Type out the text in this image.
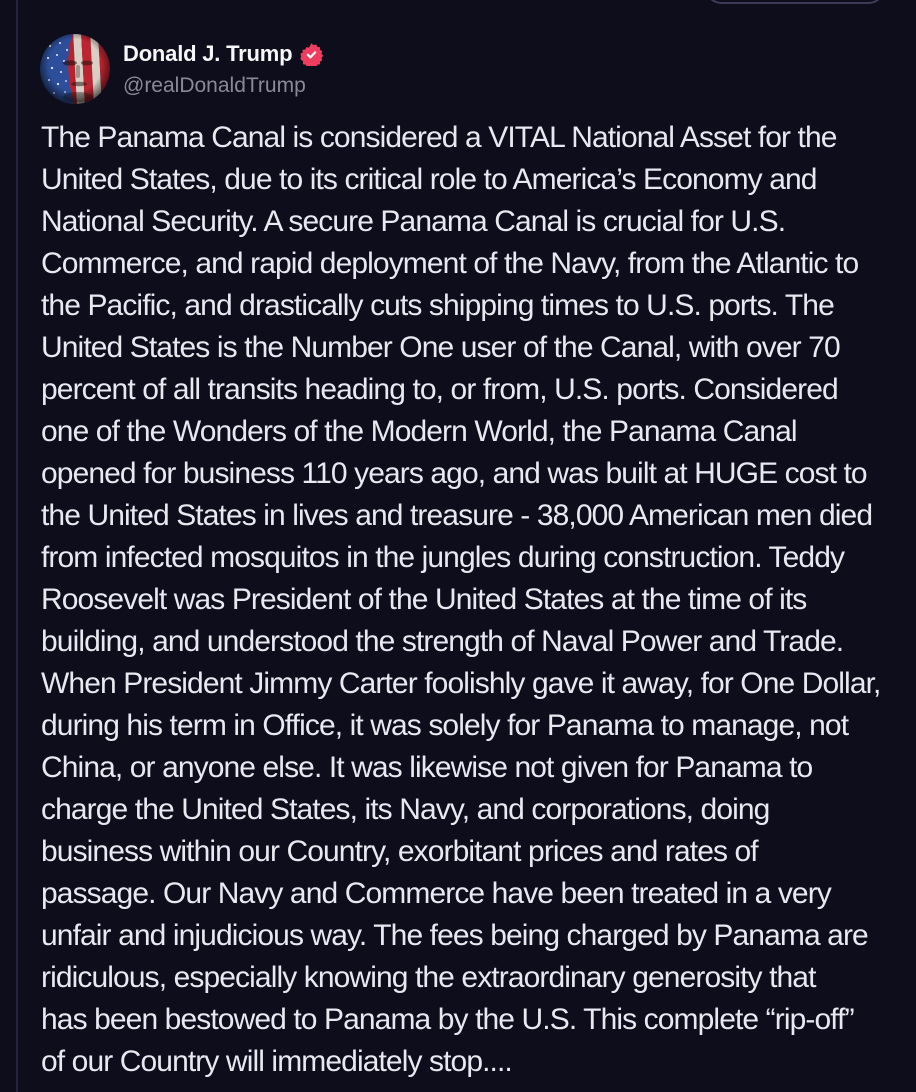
Donald J. Trump
@realDonaldTrump
The Panama Canal is considered a VITAL National Asset for the
United States, due to its critical role to America’s Economy and
National Security. A secure Panama Canal is crucial for U.S.
Commerce, and rapid deployment of the Navy, from the Atlantic to
the Pacific, and drastically cuts shipping times to U.S. ports. The
United States is the Number One user of the Canal, with over 70
percent of all transits heading to, or from, U.S. ports. Considered
one of the Wonders of the Modern World, the Panama Canal
opened for business 110 years ago, and was built at HUGE cost to
the United States in lives and treasure - 38,000 American men died
from infected mosquitos in the jungles during construction. Teddy
Roosevelt was President of the United States at the time of its
building, and understood the strength of Naval Power and Trade.
When President Jimmy Carter foolishly gave it away, for One Dollar,
during his term in Office, it was solely for Panama to manage, not
China, or anyone else. It was likewise not given for Panama to
charge the United States, its Navy, and corporations, doing
business within our Country, exorbitant prices and rates of
passage. Our Navy and Commerce have been treated in a very
unfair and injudicious way. The fees being charged by Panama are
ridiculous, especially knowing the extraordinary generosity that
has been bestowed to Panama by the U.S. This complete “rip-off”
of our Country will immediately stop....
